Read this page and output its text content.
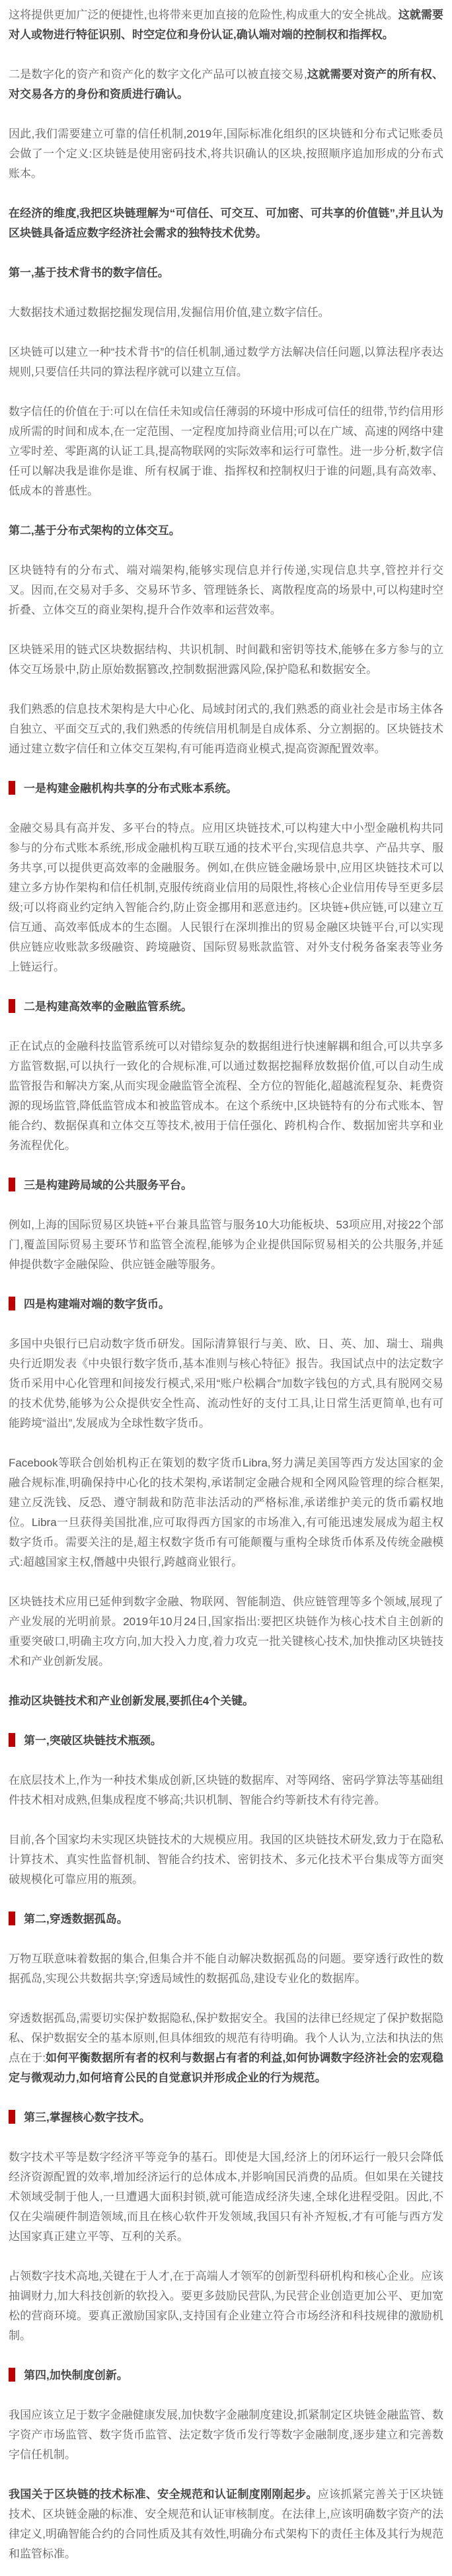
这将提供更加广泛的便捷性,也将带来更加直接的危险性,构成重大的安全挑战。这就需要对人或物进行特征识别、时空定位和身份认证,确认端对端的控制权和指挥权。

二是数字化的资产和资产化的数字文化产品可以被直接交易,这就需要对资产的所有权、对交易各方的身份和资质进行确认。

因此,我们需要建立可靠的信任机制,2019年,国际标准化组织的区块链和分布式记账委员会做了一个定义:区块链是使用密码技术,将共识确认的区块,按照顺序追加形成的分布式账本。

在经济的维度,我把区块链理解为“可信任、可交互、可加密、可共享的价值链”,并且认为区块链具备适应数字经济社会需求的独特技术优势。

第一,基于技术背书的数字信任。

大数据技术通过数据挖掘发现信用,发掘信用价值,建立数字信任。

区块链可以建立一种“技术背书”的信任机制,通过数学方法解决信任问题,以算法程序表达规则,只要信任共同的算法程序就可以建立互信。

数字信任的价值在于:可以在信任未知或信任薄弱的环境中形成可信任的纽带,节约信用形成所需的时间和成本,在一定范围、一定程度加持商业信用;可以在广域、高速的网络中建立零时差、零距离的认证工具,提高物联网的实际效率和运行可靠性。进一步分析,数字信任可以解决我是谁你是谁、所有权属于谁、指挥权和控制权归于谁的问题,具有高效率、低成本的普惠性。

第二,基于分布式架构的立体交互。

区块链特有的分布式、端对端架构,能够实现信息并行传递,实现信息共享,管控并行交叉。因而,在交易对手多、交易环节多、管理链条长、离散程度高的场景中,可以构建时空折叠、立体交互的商业架构,提升合作效率和运营效率。

区块链采用的链式区块数据结构、共识机制、时间戳和密钥等技术,能够在多方参与的立体交互场景中,防止原始数据篡改,控制数据泄露风险,保护隐私和数据安全。

我们熟悉的信息技术架构是大中心化、局域封闭式的,我们熟悉的商业社会是市场主体各自独立、平面交互式的,我们熟悉的传统信用机制是自成体系、分立割据的。区块链技术通过建立数字信任和立体交互架构,有可能再造商业模式,提高资源配置效率。

一是构建金融机构共享的分布式账本系统。

金融交易具有高并发、多平台的特点。应用区块链技术,可以构建大中小型金融机构共同参与的分布式账本系统,形成金融机构互联互通的技术平台,实现信息共享、产品共享、服务共享,可以提供更高效率的金融服务。例如,在供应链金融场景中,应用区块链技术可以建立多方协作架构和信任机制,克服传统商业信用的局限性,将核心企业信用传导至更多层级;可以将商业约定纳入智能合约,防止资金挪用和恶意违约。区块链+供应链,可以建立互信互通、高效率低成本的生态圈。人民银行在深圳推出的贸易金融区块链平台,可以实现供应链应收账款多级融资、跨境融资、国际贸易账款监管、对外支付税务备案表等业务上链运行。

二是构建高效率的金融监管系统。

正在试点的金融科技监管系统可以对错综复杂的数据组进行快速解耦和组合,可以共享多方监管数据,可以执行一致化的合规标准,可以通过数据挖掘释放数据价值,可以自动生成监管报告和解决方案,从而实现金融监管全流程、全方位的智能化,超越流程复杂、耗费资源的现场监管,降低监管成本和被监管成本。在这个系统中,区块链特有的分布式账本、智能合约、数据保真和立体交互等技术,被用于信任强化、跨机构合作、数据加密共享和业务流程优化。

三是构建跨局域的公共服务平台。

例如,上海的国际贸易区块链+平台兼具监管与服务10大功能板块、53项应用,对接22个部门,覆盖国际贸易主要环节和监管全流程,能够为企业提供国际贸易相关的公共服务,并延伸提供数字金融保险、供应链金融等服务。

四是构建端对端的数字货币。

多国中央银行已启动数字货币研发。国际清算银行与美、欧、日、英、加、瑞士、瑞典央行近期发表《中央银行数字货币,基本准则与核心特征》报告。我国试点中的法定数字货币采用中心化管理和间接发行模式,采用“账户松耦合”加数字钱包的方式,具有脱网交易的技术优势,能够为公众提供安全性高、流动性好的支付工具,让日常生活更简单,也有可能跨境“溢出”,发展成为全球性数字货币。

Facebook等联合创始机构正在策划的数字货币Libra,努力满足美国等西方发达国家的金融合规标准,明确保持中心化的技术架构,承诺制定金融合规和全网风险管理的综合框架,建立反洗钱、反恐、遵守制裁和防范非法活动的严格标准,承诺维护美元的货币霸权地位。Libra一旦获得美国批准,应可取得西方国家的市场准入,有可能迅速发展成为超主权数字货币。需要关注的是,超主权数字货币有可能颠覆与重构全球货币体系及传统金融模式:超越国家主权,僭越中央银行,跨越商业银行。

区块链技术应用已延伸到数字金融、物联网、智能制造、供应链管理等多个领域,展现了产业发展的光明前景。2019年10月24日,国家指出:要把区块链作为核心技术自主创新的重要突破口,明确主攻方向,加大投入力度,着力攻克一批关键核心技术,加快推动区块链技术和产业创新发展。

推动区块链技术和产业创新发展,要抓住4个关键。

第一,突破区块链技术瓶颈。

在底层技术上,作为一种技术集成创新,区块链的数据库、对等网络、密码学算法等基础组件技术相对成熟,但集成程度不够高;共识机制、智能合约等新技术有待完善。

目前,各个国家均未实现区块链技术的大规模应用。我国的区块链技术研发,致力于在隐私计算技术、真实性监督机制、智能合约技术、密钥技术、多元化技术平台集成等方面突破规模化可靠应用的瓶颈。

第二,穿透数据孤岛。

万物互联意味着数据的集合,但集合并不能自动解决数据孤岛的问题。要穿透行政性的数据孤岛,实现公共数据共享;穿透局域性的数据孤岛,建设专业化的数据库。

穿透数据孤岛,需要切实保护数据隐私,保护数据安全。我国的法律已经规定了保护数据隐私、保护数据安全的基本原则,但具体细致的规范有待明确。我个人认为,立法和执法的焦点在于:如何平衡数据所有者的权利与数据占有者的利益,如何协调数字经济社会的宏观稳定与微观动力,如何培育公民的自觉意识并形成企业的行为规范。

第三,掌握核心数字技术。

数字技术平等是数字经济平等竞争的基石。即使是大国,经济上的闭环运行一般只会降低经济资源配置的效率,增加经济运行的总体成本,并影响国民消费的品质。但如果在关键技术领域受制于他人,一旦遭遇大面积封锁,就可能造成经济失速,全球化进程受阻。因此,不仅在尖端硬件制造领域,而且在核心软件开发领域,我国只有补齐短板,才有可能与西方发达国家真正建立平等、互利的关系。

占领数字技术高地,关键在于人才,在于高端人才领军的创新型科研机构和核心企业。应该抽调财力,加大科技创新的软投入。要更多鼓励民营队,为民营企业创造更加公平、更加宽松的营商环境。要真正激励国家队,支持国有企业建立符合市场经济和科技规律的激励机制。

第四,加快制度创新。

我国应该立足于数字金融健康发展,加快数字金融制度建设,抓紧制定区块链金融监管、数字资产市场监管、数字货币监管、法定数字货币发行等数字金融制度,逐步建立和完善数字信任机制。

我国关于区块链的技术标准、安全规范和认证制度刚刚起步。应该抓紧完善关于区块链技术、区块链金融的标准、安全规范和认证审核制度。在法律上,应该明确数字资产的法律定义,明确智能合约的合同性质及其有效性,明确分布式架构下的责任主体及其行为规范和监管标准。
